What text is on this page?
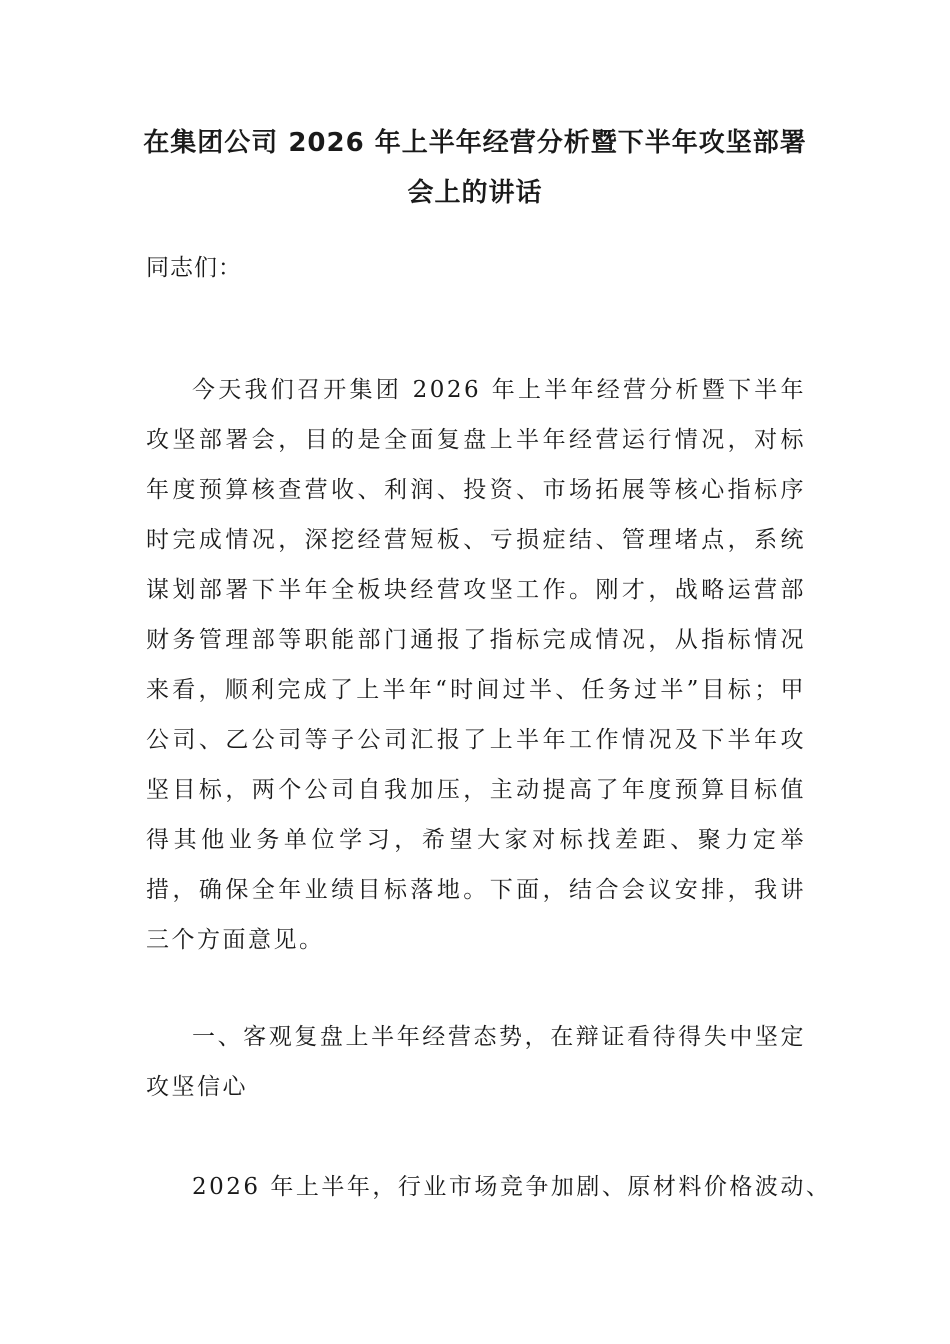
在集团公司 2026 年上半年经营分析暨下半年攻坚部署会上的讲话
同志们：
今天我们召开集团 2026 年上半年经营分析暨下半年攻坚部署会，目的是全面复盘上半年经营运行情况，对标年度预算核查营收、利润、投资、市场拓展等核心指标序时完成情况，深挖经营短板、亏损症结、管理堵点，系统谋划部署下半年全板块经营攻坚工作。刚才，战略运营部财务管理部等职能部门通报了指标完成情况，从指标情况来看，顺利完成了上半年“时间过半、任务过半”目标；甲公司、乙公司等子公司汇报了上半年工作情况及下半年攻坚目标，两个公司自我加压，主动提高了年度预算目标值得其他业务单位学习，希望大家对标找差距、聚力定举措，确保全年业绩目标落地。下面，结合会议安排，我讲三个方面意见。
一、客观复盘上半年经营态势，在辩证看待得失中坚定攻坚信心
2026 年上半年，行业市场竞争加剧、原材料价格波动、
